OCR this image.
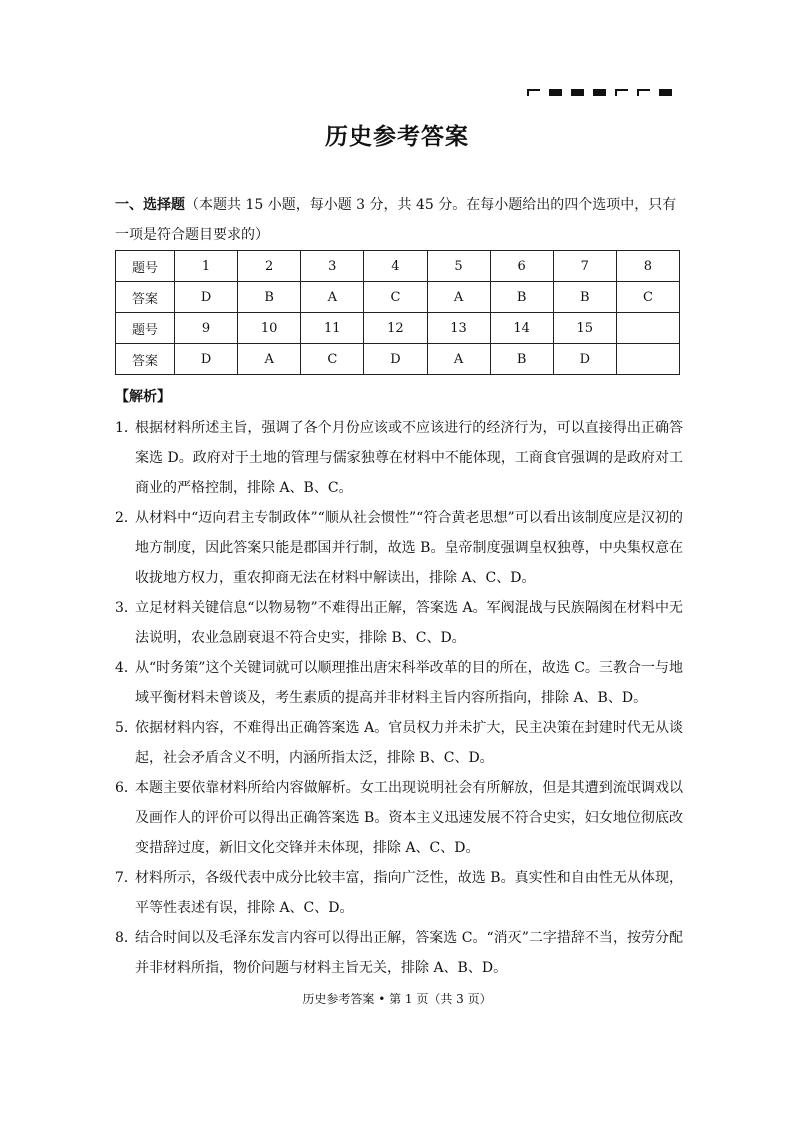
历史参考答案
一、选择题（本题共 15 小题，每小题 3 分，共 45 分。在每小题给出的四个选项中，只有一项是符合题目要求的）
题号	1	2	3	4	5	6	7	8
答案	D	B	A	C	A	B	B	C
题号	9	10	11	12	13	14	15	
答案	D	A	C	D	A	B	D	
【解析】
1．
根据材料所述主旨，强调了各个月份应该或不应该进行的经济行为，可以直接得出正确答案选 D。政府对于土地的管理与儒家独尊在材料中不能体现，工商食官强调的是政府对工商业的严格控制，排除 A、B、C。
2．
从材料中“迈向君主专制政体”“顺从社会惯性”“符合黄老思想”可以看出该制度应是汉初的地方制度，因此答案只能是郡国并行制，故选 B。皇帝制度强调皇权独尊，中央集权意在收拢地方权力，重农抑商无法在材料中解读出，排除 A、C、D。
3．
立足材料关键信息“以物易物”不难得出正解，答案选 A。军阀混战与民族隔阂在材料中无法说明，农业急剧衰退不符合史实，排除 B、C、D。
4．
从“时务策”这个关键词就可以顺理推出唐宋科举改革的目的所在，故选 C。三教合一与地域平衡材料未曾谈及，考生素质的提高并非材料主旨内容所指向，排除 A、B、D。
5．
依据材料内容，不难得出正确答案选 A。官员权力并未扩大，民主决策在封建时代无从谈起，社会矛盾含义不明，内涵所指太泛，排除 B、C、D。
6．
本题主要依靠材料所给内容做解析。女工出现说明社会有所解放，但是其遭到流氓调戏以及画作人的评价可以得出正确答案选 B。资本主义迅速发展不符合史实，妇女地位彻底改变措辞过度，新旧文化交锋并未体现，排除 A、C、D。
7．
材料所示，各级代表中成分比较丰富，指向广泛性，故选 B。真实性和自由性无从体现，平等性表述有误，排除 A、C、D。
8．
结合时间以及毛泽东发言内容可以得出正解，答案选 C。“消灭”二字措辞不当，按劳分配并非材料所指，物价问题与材料主旨无关，排除 A、B、D。
历史参考答案 • 第 1 页（共 3 页）
